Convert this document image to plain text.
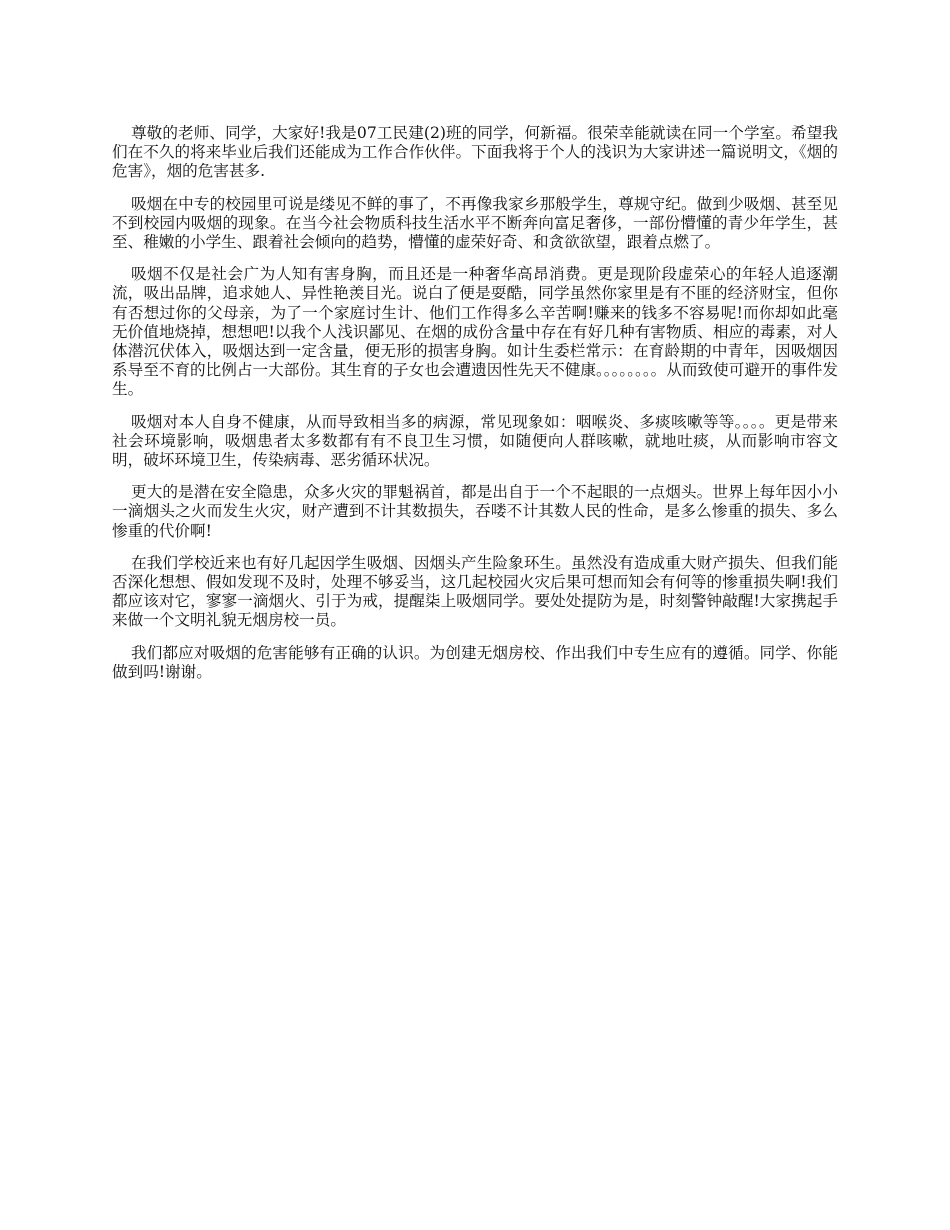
尊敬的老师、同学，大家好!我是07工民建(2)班的同学，何新福。很荣幸能就读在同一个学室。希望我们在不久的将来毕业后我们还能成为工作合作伙伴。下面我将于个人的浅识为大家讲述一篇说明文，《烟的危害》，烟的危害甚多.

吸烟在中专的校园里可说是缕见不鲜的事了，不再像我家乡那般学生，尊规守纪。做到少吸烟、甚至见不到校园内吸烟的现象。在当今社会物质科技生活水平不断奔向富足奢侈，一部份懵懂的青少年学生，甚至、稚嫩的小学生、跟着社会倾向的趋势，懵懂的虚荣好奇、和贪欲欲望，跟着点燃了。

吸烟不仅是社会广为人知有害身胸，而且还是一种奢华高昂消费。更是现阶段虚荣心的年轻人追逐潮流，吸出品牌，追求她人、异性艳羡目光。说白了便是耍酷，同学虽然你家里是有不匪的经济财宝，但你有否想过你的父母亲，为了一个家庭讨生计、他们工作得多么辛苦啊!赚来的钱多不容易呢!而你却如此毫无价值地烧掉，想想吧!以我个人浅识鄙见、在烟的成份含量中存在有好几种有害物质、相应的毒素，对人体潜沉伏体入，吸烟达到一定含量，便无形的损害身胸。如计生委栏常示：在育龄期的中青年，因吸烟因系导至不育的比例占一大部份。其生育的子女也会遭遗因性先天不健康。。。。。。。。从而致使可避开的事件发生。

吸烟对本人自身不健康，从而导致相当多的病源，常见现象如：咽喉炎、多痰咳嗽等等。。。。更是带来社会环境影响，吸烟患者太多数都有有不良卫生习惯，如随便向人群咳嗽，就地吐痰，从而影响市容文明，破坏环境卫生，传染病毒、恶劣循环状况。

更大的是潜在安全隐患，众多火灾的罪魁祸首，都是出自于一个不起眼的一点烟头。世界上每年因小小一滴烟头之火而发生火灾，财产遭到不计其数损失，吞喽不计其数人民的性命，是多么惨重的损失、多么惨重的代价啊!

在我们学校近来也有好几起因学生吸烟、因烟头产生险象环生。虽然没有造成重大财产损失、但我们能否深化想想、假如发现不及时，处理不够妥当，这几起校园火灾后果可想而知会有何等的惨重损失啊!我们都应该对它，寥寥一滴烟火、引于为戒，提醒柒上吸烟同学。要处处提防为是，时刻警钟敲醒!大家携起手来做一个文明礼貌无烟房校一员。

我们都应对吸烟的危害能够有正确的认识。为创建无烟房校、作出我们中专生应有的遵循。同学、你能做到吗!谢谢。
